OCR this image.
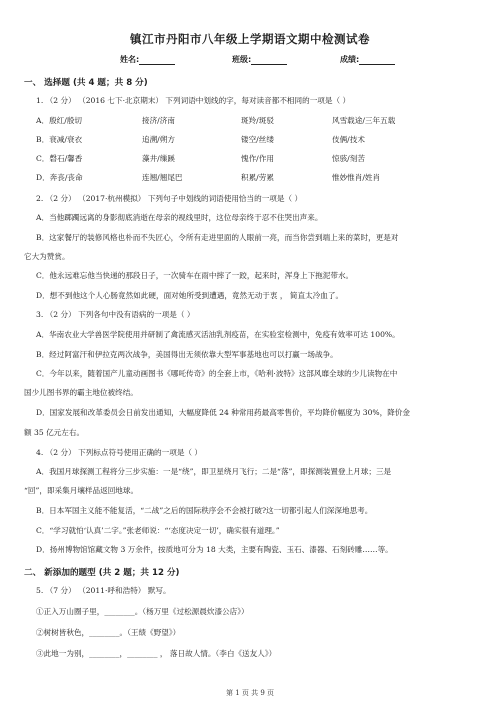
镇江市丹阳市八年级上学期语文期中检测试卷
姓名:	班级:	成绩:
一、 选择题 (共 4 题；共 8 分)
1. （2 分） （2016 七下·北京期末） 下列词语中划线的字，每对读音都不相同的一项是（ ）
A．殷红/殷切	接济/济南	斑羚/斑驳	风雪载途/三年五载
B．衰减/衰衣	追溯/朔方	镂空/丝缕	伎俩/技术
C．磬石/馨香	藻井/缫蹊	愧作/作用	惊骇/刻苦
D．奔丧/丧命	连翘/翘尾巴	积累/劳累	惟妙惟肖/姓肖
2. （2 分） （2017·杭州模拟） 下列句子中划线的词语使用恰当的一项是（ ）
A．当他踯躅远离的身影彻底消逝在母亲的视线里时，这位母亲终于忍不住哭出声来。
B．这家餐厅的装修风格也朴而不失匠心，令所有走进里面的人眼前一亮，而当你尝到端上来的菜时，更是对
它大为赞赏。
C．他永远难忘他当快递的那段日子，一次骑车在雨中摔了一跤，起来时，浑身上下拖泥带水。
D．想不到他这个人心肠竟然如此硬，面对她所受到遭遇，竟然无动于衷 ， 简直太冷血了。
3. （2 分） 下列各句中没有语病的一项是（ ）
A．华南农业大学兽医学院使用并研制了禽流感灭活油乳剂疫苗，在实验室检测中，免疫有效率可达 100%。
B．经过阿富汗和伊拉克两次战争，美国得出无须依靠大型军事基地也可以打赢一场战争。
C．今年以来，随着国产儿童动画图书《哪吒传奇》的全套上市，《哈利·波特》这部风靡全球的少儿读物在中
国少儿图书界的霸主地位被终结。
D．国家发展和改革委员会日前发出通知，大幅度降低 24 种常用药最高零售价，平均降价幅度为 30%，降价金
额 35 亿元左右。
4. （2 分） 下列标点符号使用正确的一项是（ ）
A．我国月球探测工程将分三步实施：一是“绕”，即卫星绕月飞行；二是“落”，即探测装置登上月球；三是
“回”，即采集月壤样品返回地球。
B．日本军国主义能不能复活，“二战”之后的国际秩序会不会被打破?这一切都引起人们深深地思考。
C．“学习就怕‘认真’二字。”张老师说：“‘态度决定一切’，确实很有道理。”
D．扬州博物馆馆藏文物 3 万余件，按质地可分为 18 大类，主要有陶瓷、玉石、漆器、石刻砖雕……等。
二、 新添加的题型 (共 2 题；共 12 分)
5. （7 分） （2011·呼和浩特） 默写。
①正入万山圈子里，________。（杨万里《过松源晨炊漆公店》）
②树树皆秋色，________。（王绩《野望》）
③此地一为别，________，________ ， 落日故人情。（李白《送友人》）
第 1 页 共 9 页
